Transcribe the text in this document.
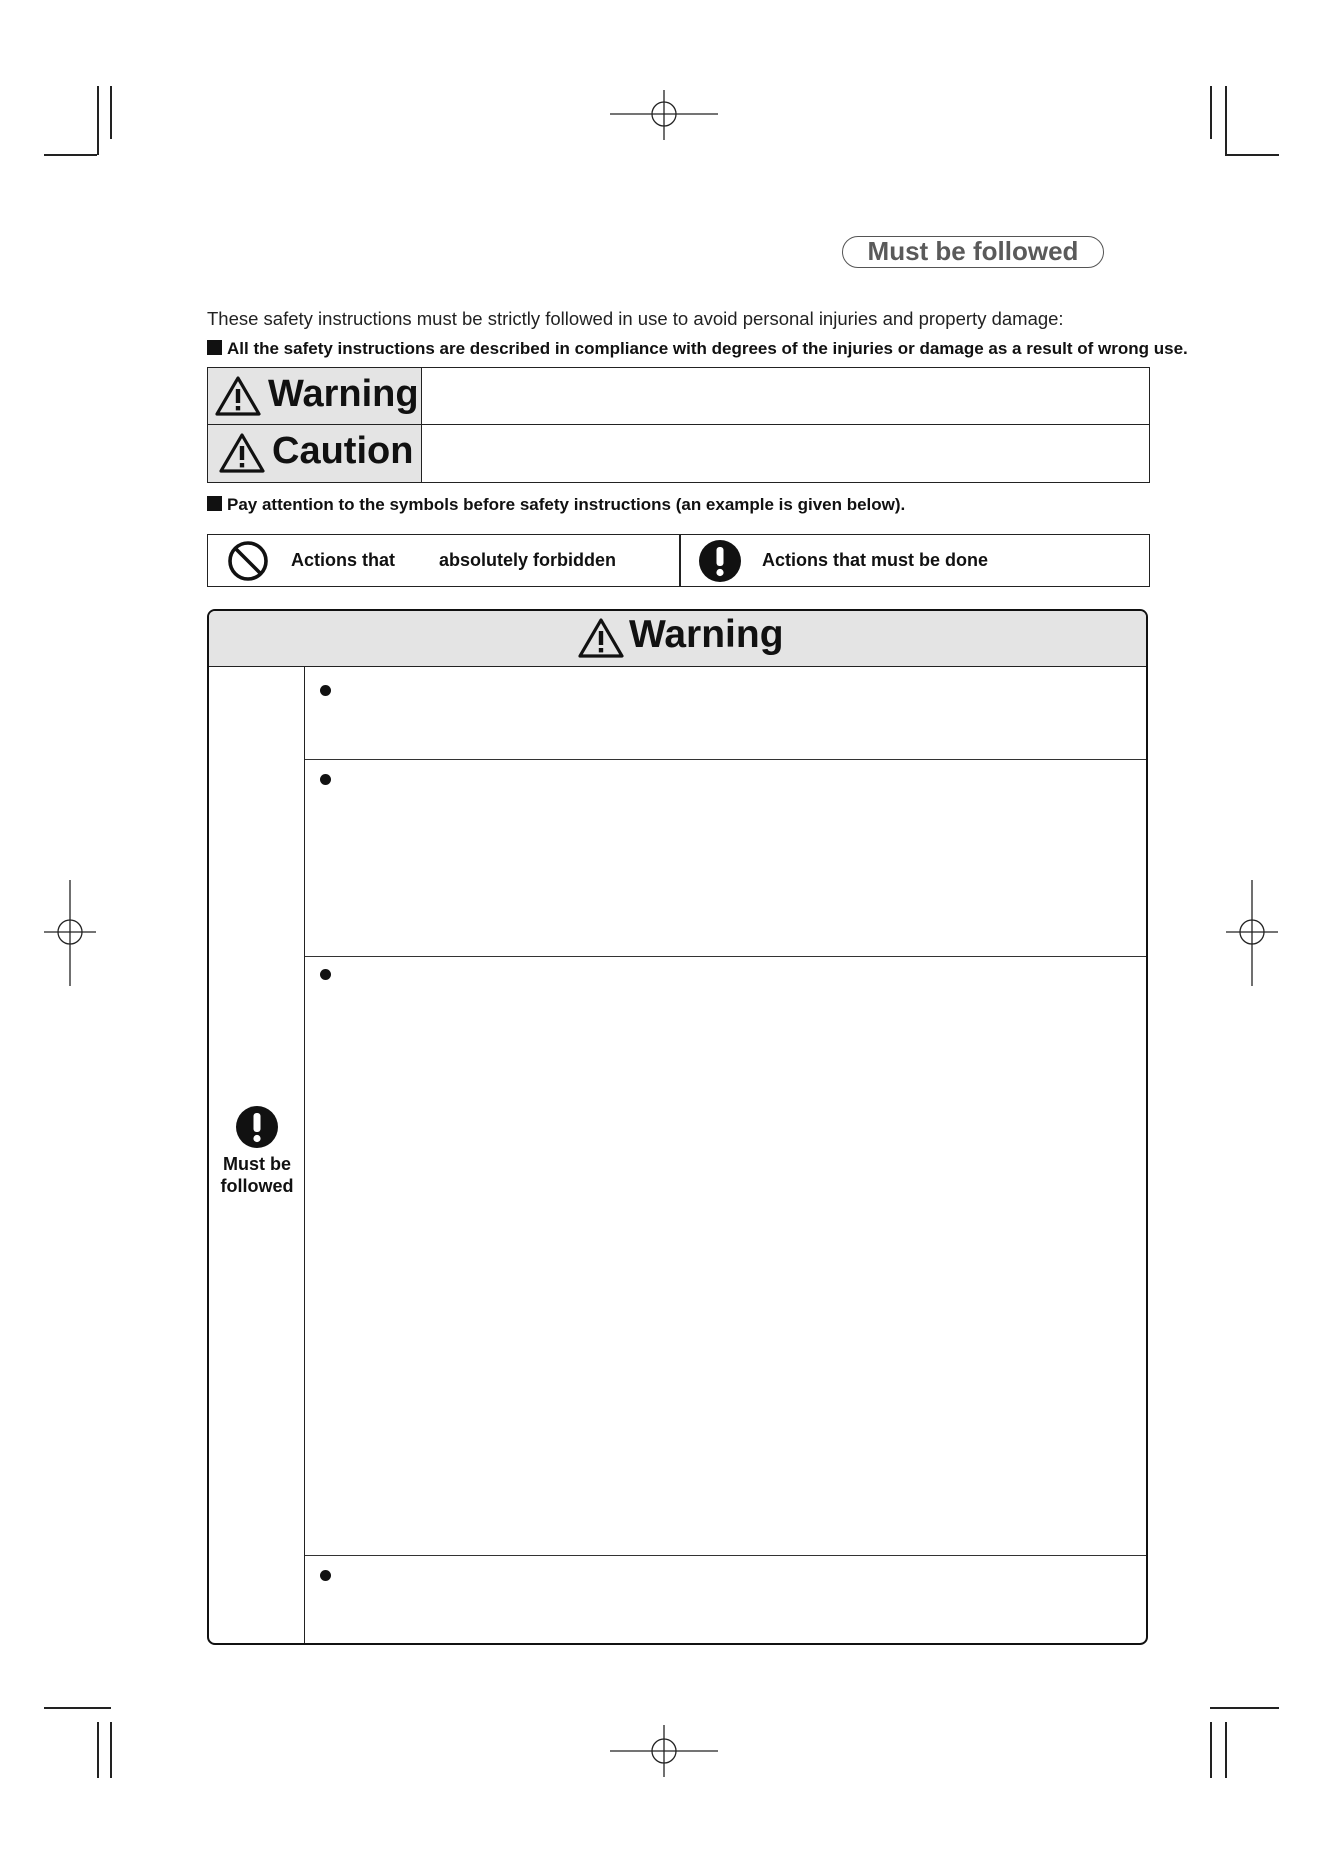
Must be followed
These safety instructions must be strictly followed in use to avoid personal injuries and property damage:
All the safety instructions are described in compliance with degrees of the injuries or damage as a result of wrong use.
Warning
Caution
Pay attention to the symbols before safety instructions (an example is given below).
Actions that absolutely forbidden	Actions that must be done
Warning
Must be
followed
